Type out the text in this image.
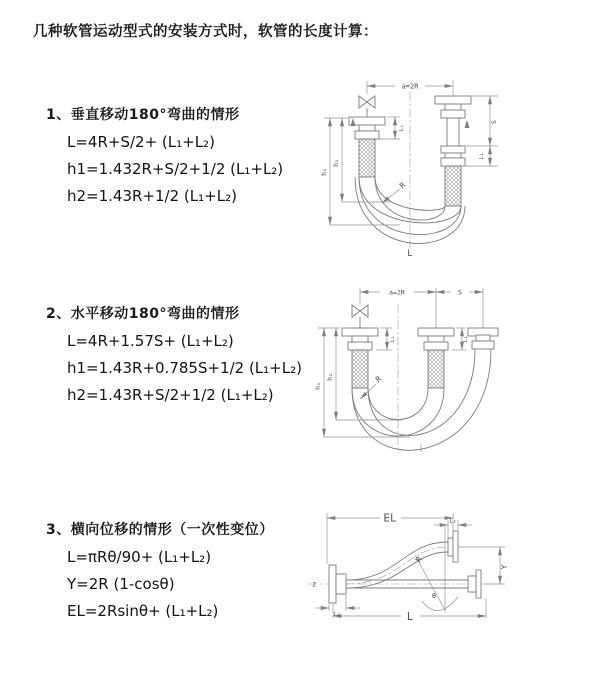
几种软管运动型式的安装方式时，软管的长度计算：
1、垂直移动180°弯曲的情形
L=4R+S/2+ (L₁+L₂)
h1=1.432R+S/2+1/2 (L₁+L₂)
h2=1.43R+1/2 (L₁+L₂)
2、水平移动180°弯曲的情形
L=4R+1.57S+ (L₁+L₂)
h1=1.43R+0.785S+1/2 (L₁+L₂)
h2=1.43R+S/2+1/2 (L₁+L₂)
3、横向位移的情形（一次性变位）
L=πRθ/90+ (L₁+L₂)
Y=2R (1-cosθ)
EL=2Rsinθ+ (L₁+L₂)
a=2R
h₁
h₂
L₁
S
L₁
R
L
a=2R	S
h₁
h₂
L₁	L₁
R
EL	L₁
Z
Y
θ
R
L
L₁
